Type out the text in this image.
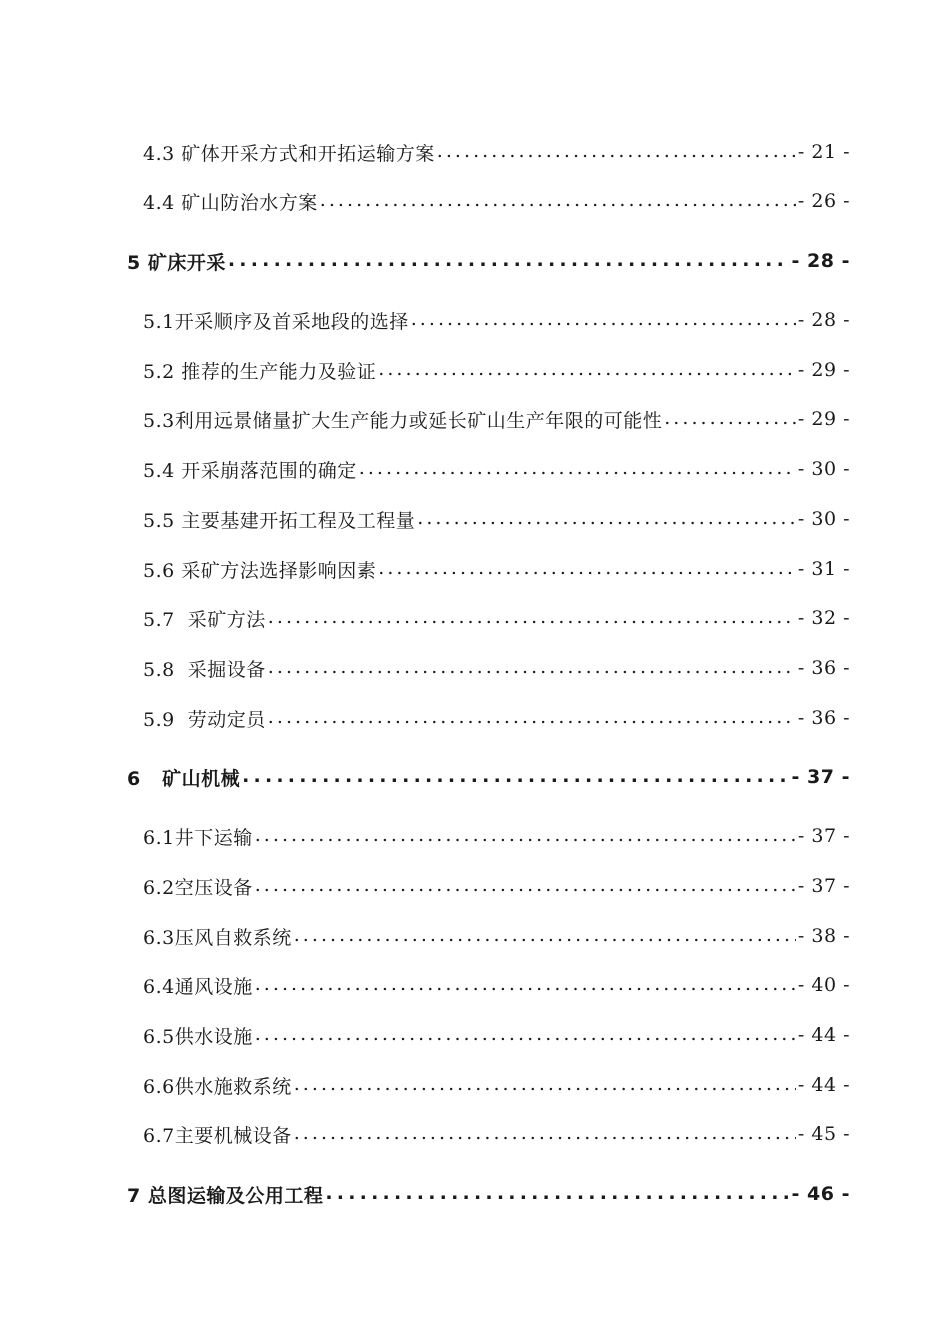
4.3 矿体开采方式和开拓运输方案 . . .	- 21 -
4.4 矿山防治水方案 . . .	- 26 -
5 矿床开采 . . .	- 28 -
5.1开采顺序及首采地段的选择 . . .	- 28 -
5.2 推荐的生产能力及验证 . . .	- 29 -
5.3利用远景储量扩大生产能力或延长矿山生产年限的可能性 . . .	- 29 -
5.4 开采崩落范围的确定 . . .	- 30 -
5.5 主要基建开拓工程及工程量 . . .	- 30 -
5.6 采矿方法选择影响因素 . . .	- 31 -
5.7  采矿方法 . . .	- 32 -
5.8  采掘设备 . . .	- 36 -
5.9  劳动定员 . . .	- 36 -
6   矿山机械 . . .	- 37 -
6.1井下运输 . . .	- 37 -
6.2空压设备 . . .	- 37 -
6.3压风自救系统 . . .	- 38 -
6.4通风设施 . . .	- 40 -
6.5供水设施 . . .	- 44 -
6.6供水施救系统 . . .	- 44 -
6.7主要机械设备 . . .	- 45 -
7 总图运输及公用工程 . . .	- 46 -
